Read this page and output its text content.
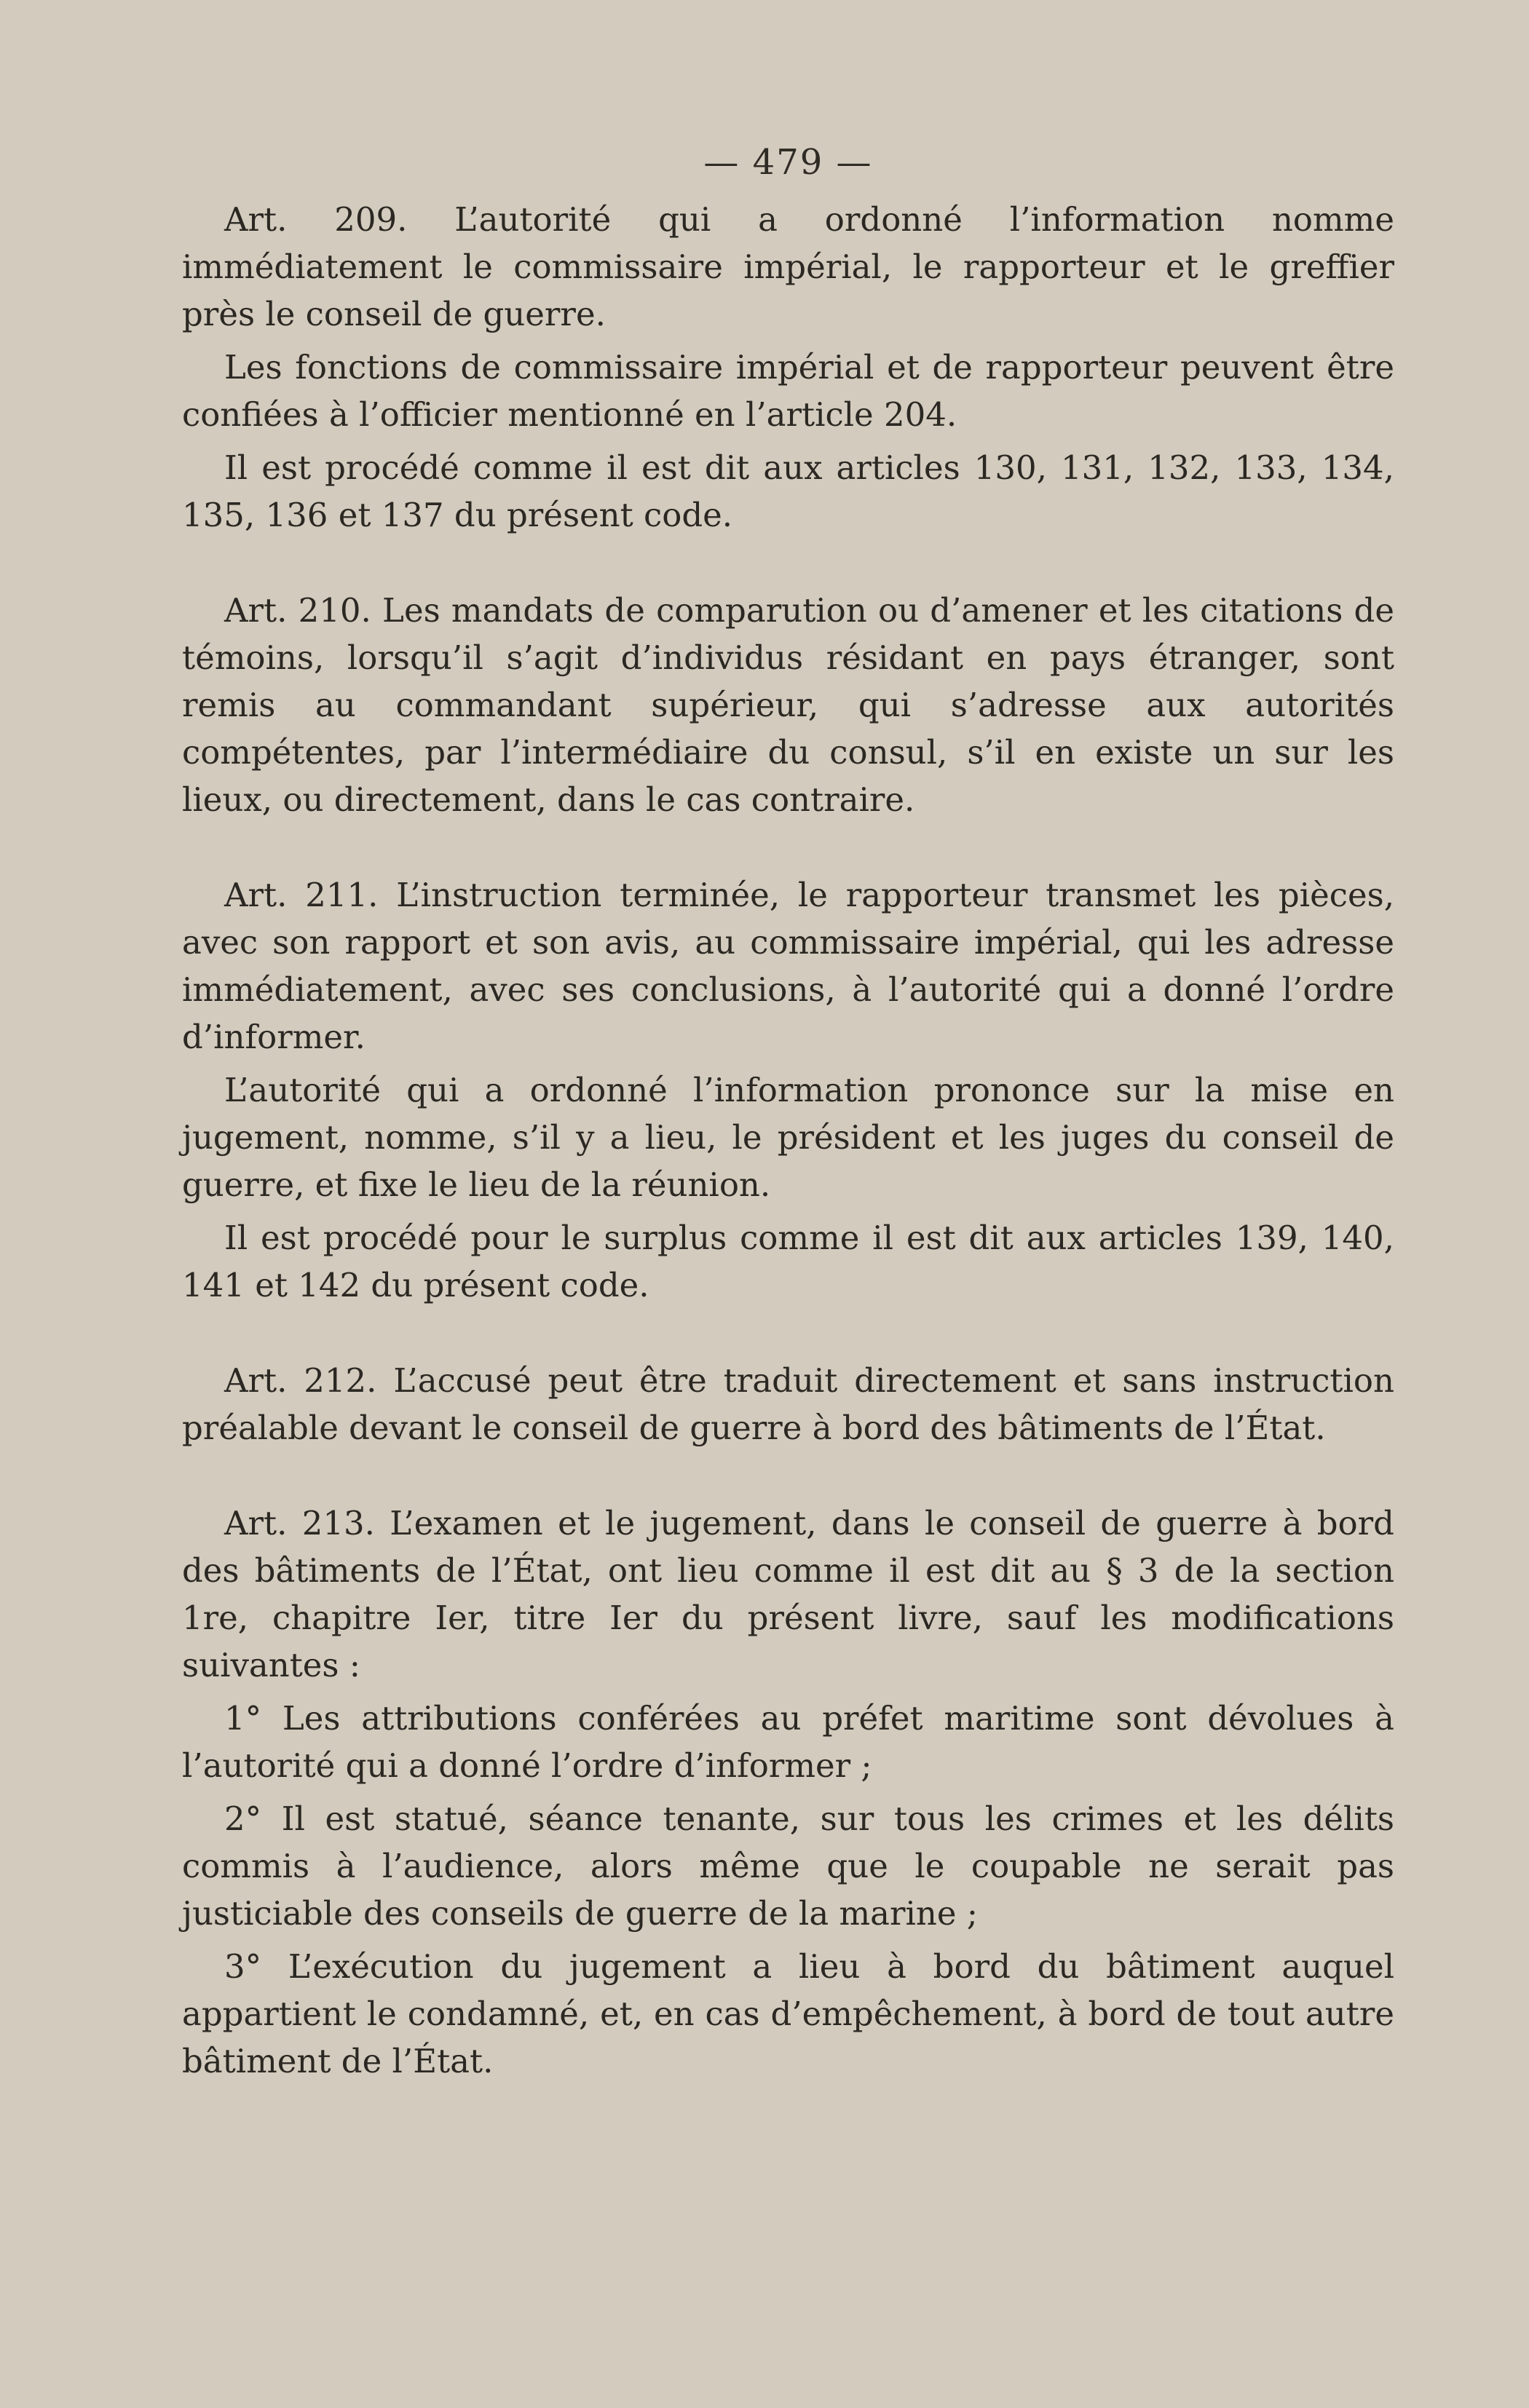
— 479 —

Art. 209. L’autorité qui a ordonné l’information nomme immédiatement le commissaire impérial, le rapporteur et le greffier près le conseil de guerre.

Les fonctions de commissaire impérial et de rapporteur peuvent être confiées à l’officier mentionné en l’article 204.

Il est procédé comme il est dit aux articles 130, 131, 132, 133, 134, 135, 136 et 137 du présent code.

Art. 210. Les mandats de comparution ou d’amener et les citations de témoins, lorsqu’il s’agit d’individus résidant en pays étranger, sont remis au commandant supérieur, qui s’adresse aux autorités compétentes, par l’intermédiaire du consul, s’il en existe un sur les lieux, ou directement, dans le cas contraire.

Art. 211. L’instruction terminée, le rapporteur transmet les pièces, avec son rapport et son avis, au commissaire impérial, qui les adresse immédiatement, avec ses conclusions, à l’autorité qui a donné l’ordre d’informer.

L’autorité qui a ordonné l’information prononce sur la mise en jugement, nomme, s’il y a lieu, le président et les juges du conseil de guerre, et fixe le lieu de la réunion.

Il est procédé pour le surplus comme il est dit aux articles 139, 140, 141 et 142 du présent code.

Art. 212. L’accusé peut être traduit directement et sans instruction préalable devant le conseil de guerre à bord des bâtiments de l’État.

Art. 213. L’examen et le jugement, dans le conseil de guerre à bord des bâtiments de l’État, ont lieu comme il est dit au § 3 de la section 1re, chapitre Ier, titre Ier du présent livre, sauf les modifications suivantes :

1° Les attributions conférées au préfet maritime sont dévolues à l’autorité qui a donné l’ordre d’informer ;

2° Il est statué, séance tenante, sur tous les crimes et les délits commis à l’audience, alors même que le coupable ne serait pas justiciable des conseils de guerre de la marine ;

3° L’exécution du jugement a lieu à bord du bâtiment auquel appartient le condamné, et, en cas d’empêchement, à bord de tout autre bâtiment de l’État.
